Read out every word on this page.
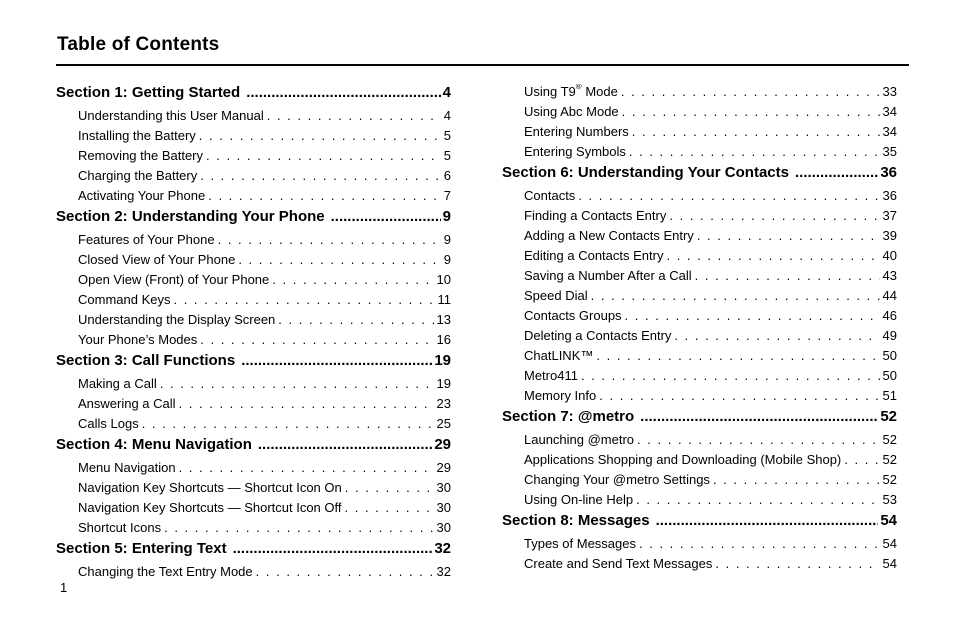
Table of Contents
Section 1: Getting Started .....	4
Understanding this User Manual . . .	4
Installing the Battery . . .	5
Removing the Battery . . .	5
Charging the Battery . . .	6
Activating Your Phone . . .	7
Section 2: Understanding Your Phone .....	9
Features of Your Phone . . .	9
Closed View of Your Phone . . .	9
Open View (Front) of Your Phone . . .	10
Command Keys . . .	11
Understanding the Display Screen . . .	13
Your Phone’s Modes . . .	16
Section 3: Call Functions .....	19
Making a Call . . .	19
Answering a Call . . .	23
Calls Logs . . .	25
Section 4: Menu Navigation .....	29
Menu Navigation . . .	29
Navigation Key Shortcuts — Shortcut Icon On . . .	30
Navigation Key Shortcuts — Shortcut Icon Off . . .	30
Shortcut Icons . . .	30
Section 5: Entering Text .....	32
Changing the Text Entry Mode . . .	32
Using T9® Mode . . .	33
Using Abc Mode . . .	34
Entering Numbers . . .	34
Entering Symbols . . .	35
Section 6: Understanding Your Contacts .....	36
Contacts . . .	36
Finding a Contacts Entry . . .	37
Adding a New Contacts Entry . . .	39
Editing a Contacts Entry . . .	40
Saving a Number After a Call . . .	43
Speed Dial . . .	44
Contacts Groups . . .	46
Deleting a Contacts Entry . . .	49
ChatLINK™ . . .	50
Metro411 . . .	50
Memory Info . . .	51
Section 7: @metro .....	52
Launching @metro . . .	52
Applications Shopping and Downloading (Mobile Shop) . . .	52
Changing Your @metro Settings . . .	52
Using On-line Help . . .	53
Section 8: Messages .....	54
Types of Messages . . .	54
Create and Send Text Messages . . .	54
1
